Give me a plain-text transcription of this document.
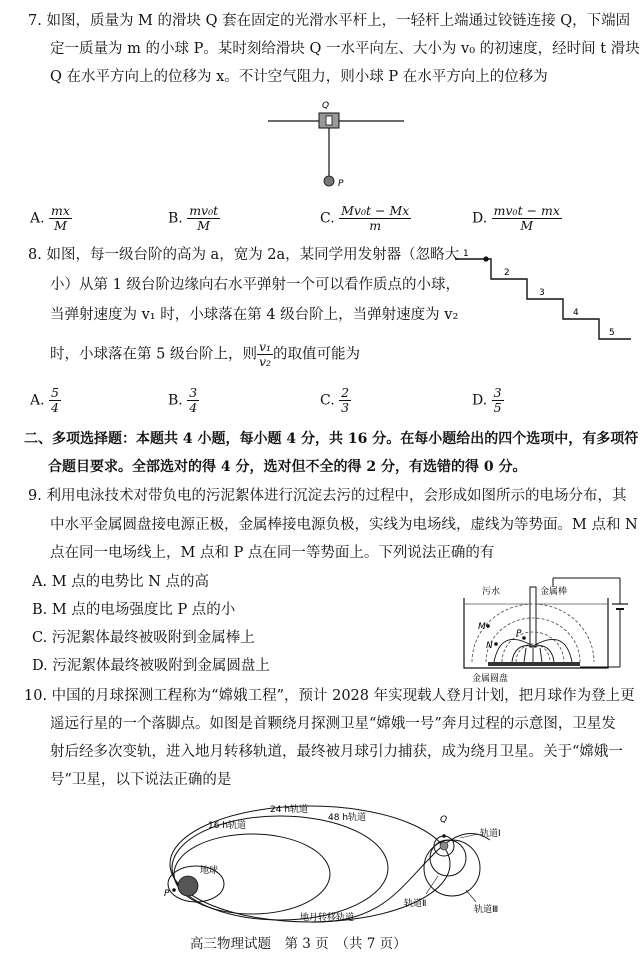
7. 如图，质量为 M 的滑块 Q 套在固定的光滑水平杆上，一轻杆上端通过铰链连接 Q，下端固
定一质量为 m 的小球 P。某时刻给滑块 Q 一水平向左、大小为 v₀ 的初速度，经时间 t 滑块
Q 在水平方向上的位移为 x。不计空气阻力，则小球 P 在水平方向上的位移为
Q
P
A. $\frac{mx}{M}$	B. $\frac{\text{mv₀t}}{M}$	C. $\frac{\text{Mv₀t − Mx}}{m}$	D. $\frac{\text{mv₀t − mx}}{M}$
8. 如图，每一级台阶的高为 a，宽为 2a，某同学用发射器（忽略大
小）从第 1 级台阶边缘向右水平弹射一个可以看作质点的小球，
当弹射速度为 v₁ 时，小球落在第 4 级台阶上，当弹射速度为 v₂
时，小球落在第 5 级台阶上，则 $\frac{\text{v₁}}{\text{v₂}}$ 的取值可能为
1
2
3
4
5
A. $\frac{5}{4}$	B. $\frac{3}{4}$	C. $\frac{2}{3}$	D. $\frac{3}{5}$
二、多项选择题：本题共 4 小题，每小题 4 分，共 16 分。在每小题给出的四个选项中，有多项符
合题目要求。全部选对的得 4 分，选对但不全的得 2 分，有选错的得 0 分。
9. 利用电泳技术对带负电的污泥絮体进行沉淀去污的过程中，会形成如图所示的电场分布，其
中水平金属圆盘接电源正极，金属棒接电源负极，实线为电场线，虚线为等势面。M 点和 N
点在同一电场线上，M 点和 P 点在同一等势面上。下列说法正确的有
A. M 点的电势比 N 点的高
B. M 点的电场强度比 P 点的小
C. 污泥絮体最终被吸附到金属棒上
D. 污泥絮体最终被吸附到金属圆盘上
M
N
P
污水	金属棒
金属圆盘
10. 中国的月球探测工程称为“嫦娥工程”，预计 2028 年实现载人登月计划，把月球作为登上更
遥远行星的一个落脚点。如图是首颗绕月探测卫星“嫦娥一号”奔月过程的示意图，卫星发
射后经多次变轨，进入地月转移轨道，最终被月球引力捕获，成为绕月卫星。关于“嫦娥一
号”卫星，以下说法正确的是
24 h轨道
48 h轨道
16 h轨道
地球
P
Q
地月转移轨道
轨道Ⅰ
轨道Ⅱ
轨道Ⅲ
高三物理试题　第 3 页　（共 7 页）
